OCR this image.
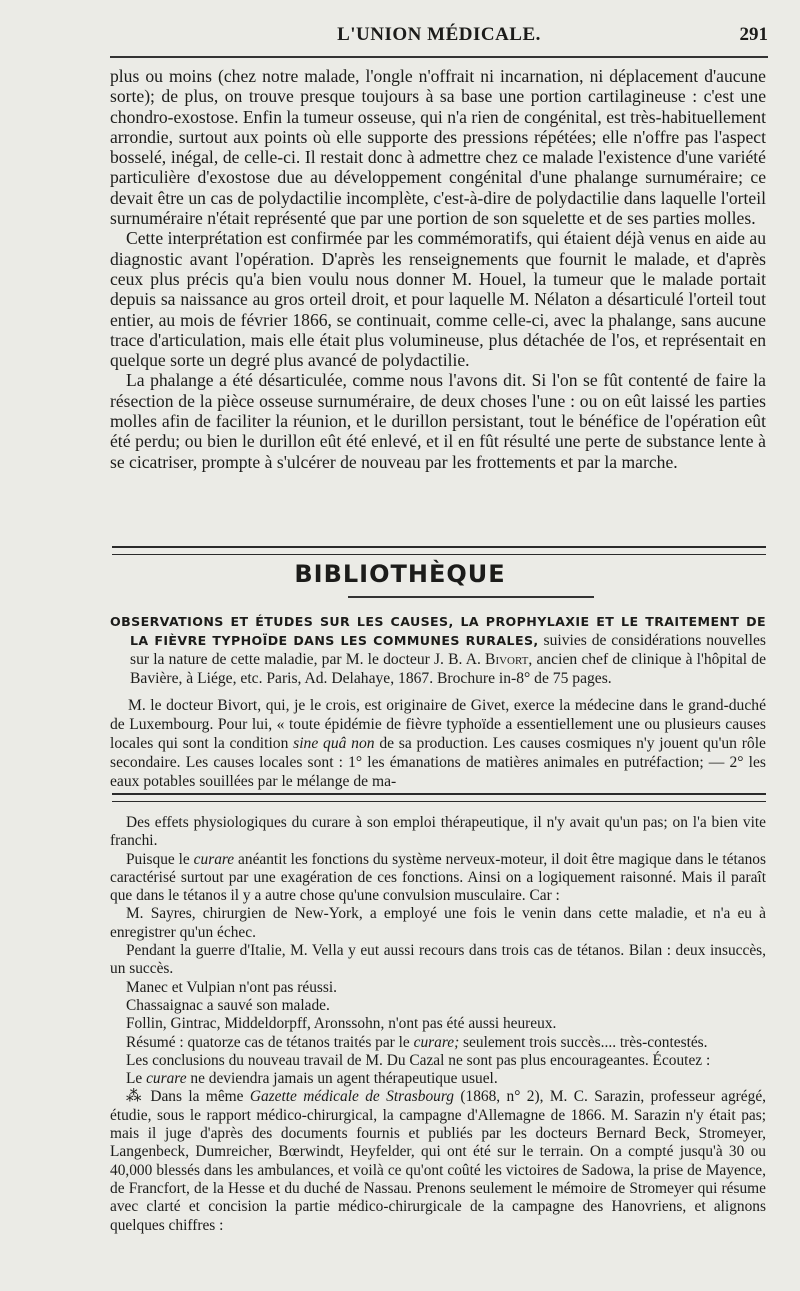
L'UNION MÉDICALE.	291

plus ou moins (chez notre malade, l'ongle n'offrait ni incarnation, ni déplacement d'aucune sorte); de plus, on trouve presque toujours à sa base une portion cartilagineuse : c'est une chondro-exostose. Enfin la tumeur osseuse, qui n'a rien de congénital, est très-habituellement arrondie, surtout aux points où elle supporte des pressions répétées; elle n'offre pas l'aspect bosselé, inégal, de celle-ci. Il restait donc à admettre chez ce malade l'existence d'une variété particulière d'exostose due au développement congénital d'une phalange surnuméraire; ce devait être un cas de polydactilie incomplète, c'est-à-dire de polydactilie dans laquelle l'orteil surnuméraire n'était représenté que par une portion de son squelette et de ses parties molles.

Cette interprétation est confirmée par les commémoratifs, qui étaient déjà venus en aide au diagnostic avant l'opération. D'après les renseignements que fournit le malade, et d'après ceux plus précis qu'a bien voulu nous donner M. Houel, la tumeur que le malade portait depuis sa naissance au gros orteil droit, et pour laquelle M. Nélaton a désarticulé l'orteil tout entier, au mois de février 1866, se continuait, comme celle-ci, avec la phalange, sans aucune trace d'articulation, mais elle était plus volumineuse, plus détachée de l'os, et représentait en quelque sorte un degré plus avancé de polydactilie.

La phalange a été désarticulée, comme nous l'avons dit. Si l'on se fût contenté de faire la résection de la pièce osseuse surnuméraire, de deux choses l'une : ou on eût laissé les parties molles afin de faciliter la réunion, et le durillon persistant, tout le bénéfice de l'opération eût été perdu; ou bien le durillon eût été enlevé, et il en fût résulté une perte de substance lente à se cicatriser, prompte à s'ulcérer de nouveau par les frottements et par la marche.

BIBLIOTHÈQUE

OBSERVATIONS ET ÉTUDES SUR LES CAUSES, LA PROPHYLAXIE ET LE TRAITEMENT DE LA FIÈVRE TYPHOÏDE DANS LES COMMUNES RURALES, suivies de considérations nouvelles sur la nature de cette maladie, par M. le docteur J. B. A. Bivort, ancien chef de clinique à l'hôpital de Bavière, à Liége, etc. Paris, Ad. Delahaye, 1867. Brochure in-8° de 75 pages.

M. le docteur Bivort, qui, je le crois, est originaire de Givet, exerce la médecine dans le grand-duché de Luxembourg. Pour lui, « toute épidémie de fièvre typhoïde a essentiellement une ou plusieurs causes locales qui sont la condition sine quâ non de sa production. Les causes cosmiques n'y jouent qu'un rôle secondaire. Les causes locales sont : 1° les émanations de matières animales en putréfaction; — 2° les eaux potables souillées par le mélange de ma-

Des effets physiologiques du curare à son emploi thérapeutique, il n'y avait qu'un pas; on l'a bien vite franchi.

Puisque le curare anéantit les fonctions du système nerveux-moteur, il doit être magique dans le tétanos caractérisé surtout par une exagération de ces fonctions. Ainsi on a logiquement raisonné. Mais il paraît que dans le tétanos il y a autre chose qu'une convulsion musculaire. Car :

M. Sayres, chirurgien de New-York, a employé une fois le venin dans cette maladie, et n'a eu à enregistrer qu'un échec.

Pendant la guerre d'Italie, M. Vella y eut aussi recours dans trois cas de tétanos. Bilan : deux insuccès, un succès.

Manec et Vulpian n'ont pas réussi.

Chassaignac a sauvé son malade.

Follin, Gintrac, Middeldorpff, Aronssohn, n'ont pas été aussi heureux.

Résumé : quatorze cas de tétanos traités par le curare; seulement trois succès.... très-contestés.

Les conclusions du nouveau travail de M. Du Cazal ne sont pas plus encourageantes. Écoutez :

Le curare ne deviendra jamais un agent thérapeutique usuel.

⁂ Dans la même Gazette médicale de Strasbourg (1868, n° 2), M. C. Sarazin, professeur agrégé, étudie, sous le rapport médico-chirurgical, la campagne d'Allemagne de 1866. M. Sarazin n'y était pas; mais il juge d'après des documents fournis et publiés par les docteurs Bernard Beck, Stromeyer, Langenbeck, Dumreicher, Bœrwindt, Heyfelder, qui ont été sur le terrain. On a compté jusqu'à 30 ou 40,000 blessés dans les ambulances, et voilà ce qu'ont coûté les victoires de Sadowa, la prise de Mayence, de Francfort, de la Hesse et du duché de Nassau. Prenons seulement le mémoire de Stromeyer qui résume avec clarté et concision la partie médico-chirurgicale de la campagne des Hanovriens, et alignons quelques chiffres :
